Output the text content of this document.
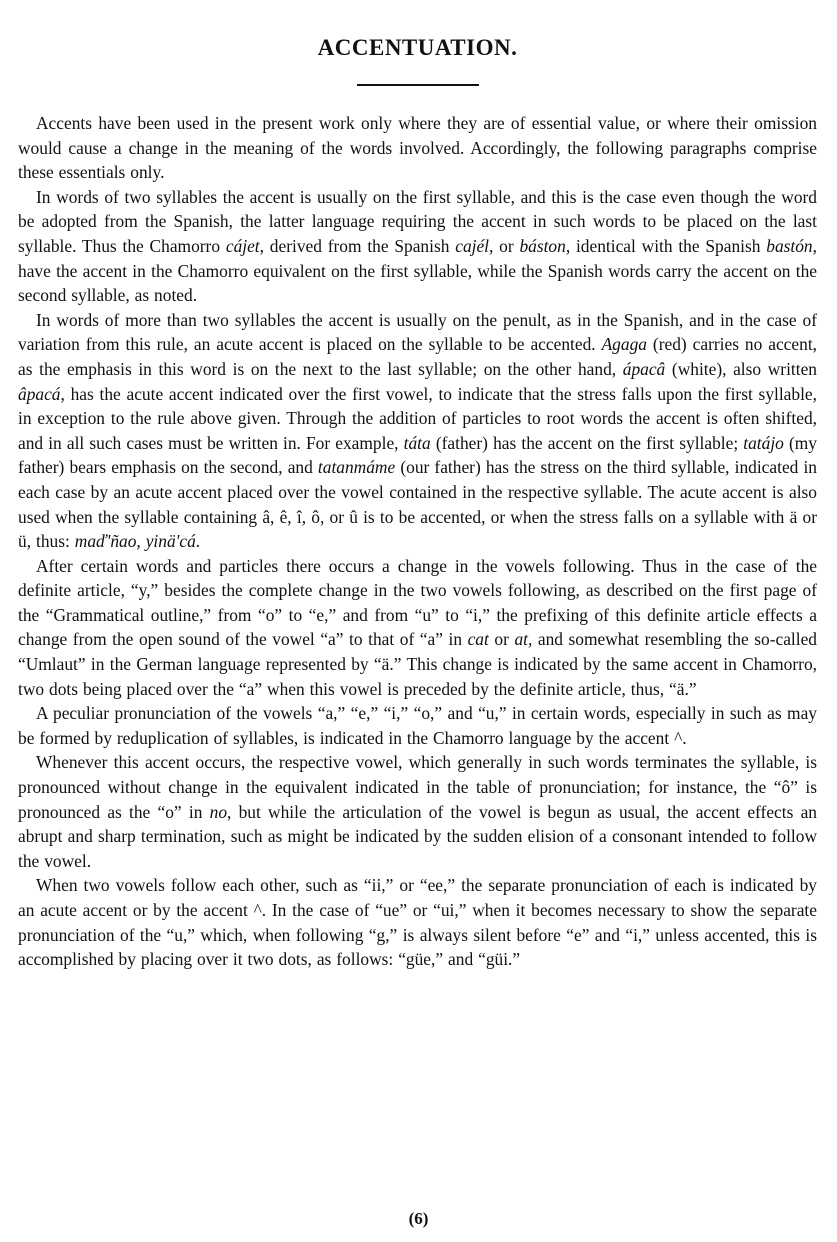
ACCENTUATION.

Accents have been used in the present work only where they are of essential value, or where their omission would cause a change in the meaning of the words involved. Accordingly, the following paragraphs comprise these essentials only.

In words of two syllables the accent is usually on the first syllable, and this is the case even though the word be adopted from the Spanish, the latter language requiring the accent in such words to be placed on the last syllable. Thus the Chamorro cájet, derived from the Spanish cajél, or báston, identical with the Spanish bastón, have the accent in the Chamorro equivalent on the first syllable, while the Spanish words carry the accent on the second syllable, as noted.

In words of more than two syllables the accent is usually on the penult, as in the Spanish, and in the case of variation from this rule, an acute accent is placed on the syllable to be accented. Agaga (red) carries no accent, as the emphasis in this word is on the next to the last syllable; on the other hand, ápacâ (white), also written âpacá, has the acute accent indicated over the first vowel, to indicate that the stress falls upon the first syllable, in exception to the rule above given. Through the addition of particles to root words the accent is often shifted, and in all such cases must be written in. For example, táta (father) has the accent on the first syllable; tatájo (my father) bears emphasis on the second, and tatanmáme (our father) has the stress on the third syllable, indicated in each case by an acute accent placed over the vowel contained in the respective syllable. The acute accent is also used when the syllable containing â, ê, î, ô, or û is to be accented, or when the stress falls on a syllable with ä or ü, thus: maď'ñao, yinä'cá.

After certain words and particles there occurs a change in the vowels following. Thus in the case of the definite article, “y,” besides the complete change in the two vowels following, as described on the first page of the “Grammatical outline,” from “o” to “e,” and from “u” to “i,” the prefixing of this definite article effects a change from the open sound of the vowel “a” to that of “a” in cat or at, and somewhat resembling the so-called “Umlaut” in the German language represented by “ä.” This change is indicated by the same accent in Chamorro, two dots being placed over the “a” when this vowel is preceded by the definite article, thus, “ä.”

A peculiar pronunciation of the vowels “a,” “e,” “i,” “o,” and “u,” in certain words, especially in such as may be formed by reduplication of syllables, is indicated in the Chamorro language by the accent ^.

Whenever this accent occurs, the respective vowel, which generally in such words terminates the syllable, is pronounced without change in the equivalent indicated in the table of pronunciation; for instance, the “ô” is pronounced as the “o” in no, but while the articulation of the vowel is begun as usual, the accent effects an abrupt and sharp termination, such as might be indicated by the sudden elision of a consonant intended to follow the vowel.

When two vowels follow each other, such as “ii,” or “ee,” the separate pronunciation of each is indicated by an acute accent or by the accent ^. In the case of “ue” or “ui,” when it becomes necessary to show the separate pronunciation of the “u,” which, when following “g,” is always silent before “e” and “i,” unless accented, this is accomplished by placing over it two dots, as follows: “güe,” and “güi.”

(6)
